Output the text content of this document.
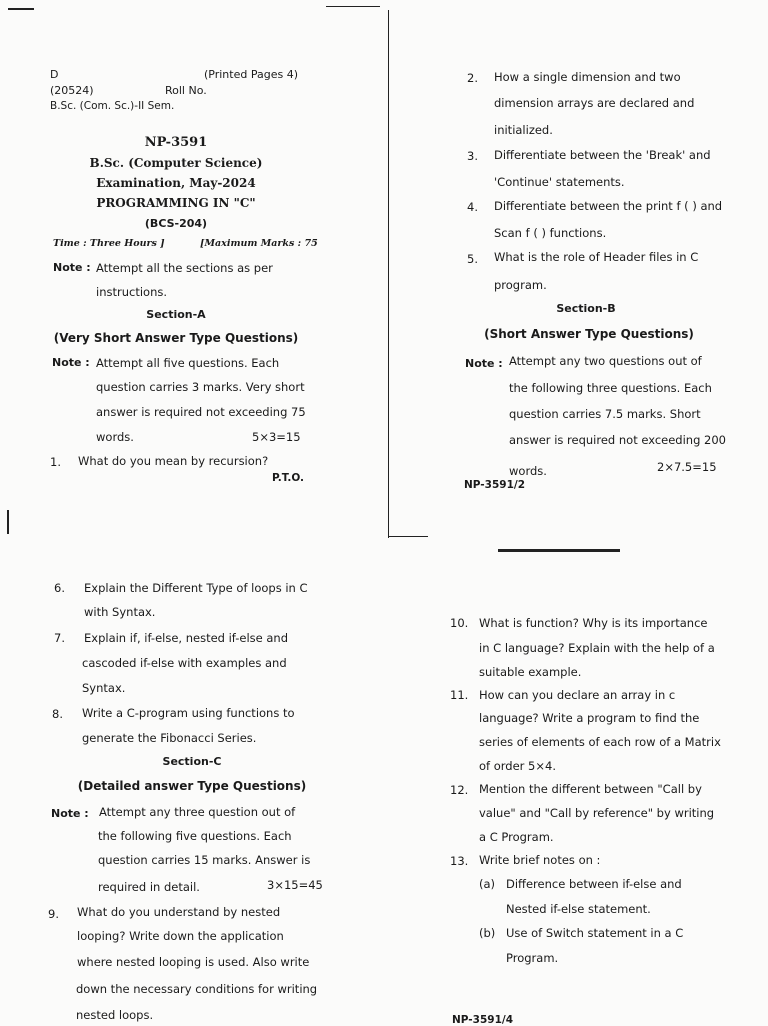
D	(Printed Pages 4)
(20524)	Roll No.
B.Sc. (Com. Sc.)-II Sem.
NP-3591
B.Sc. (Computer Science)
Examination, May-2024
PROGRAMMING IN "C"
(BCS-204)
Time : Three Hours ]	[Maximum Marks : 75
Note : Attempt all the sections as per
instructions.
Section-A
(Very Short Answer Type Questions)
Note : Attempt all five questions. Each
question carries 3 marks. Very short
answer is required not exceeding 75
words.	5×3=15
1. What do you mean by recursion?
P.T.O.
2. How a single dimension and two
dimension arrays are declared and
initialized.
3. Differentiate between the 'Break' and
'Continue' statements.
4. Differentiate between the print f ( ) and
Scan f ( ) functions.
5. What is the role of Header files in C
program.
Section-B
(Short Answer Type Questions)
Note : Attempt any two questions out of
the following three questions. Each
question carries 7.5 marks. Short
answer is required not exceeding 200
words.	2×7.5=15
NP-3591/2
6. Explain the Different Type of loops in C
with Syntax.
7. Explain if, if-else, nested if-else and
cascoded if-else with examples and
Syntax.
8. Write a C-program using functions to
generate the Fibonacci Series.
Section-C
(Detailed answer Type Questions)
Note : Attempt any three question out of
the following five questions. Each
question carries 15 marks. Answer is
required in detail.	3×15=45
9. What do you understand by nested
looping? Write down the application
where nested looping is used. Also write
down the necessary conditions for writing
nested loops.
10. What is function? Why is its importance
in C language? Explain with the help of a
suitable example.
11. How can you declare an array in c
language? Write a program to find the
series of elements of each row of a Matrix
of order 5×4.
12. Mention the different between "Call by
value" and "Call by reference" by writing
a C Program.
13. Write brief notes on :
(a) Difference between if-else and
Nested if-else statement.
(b) Use of Switch statement in a C
Program.
NP-3591/4
